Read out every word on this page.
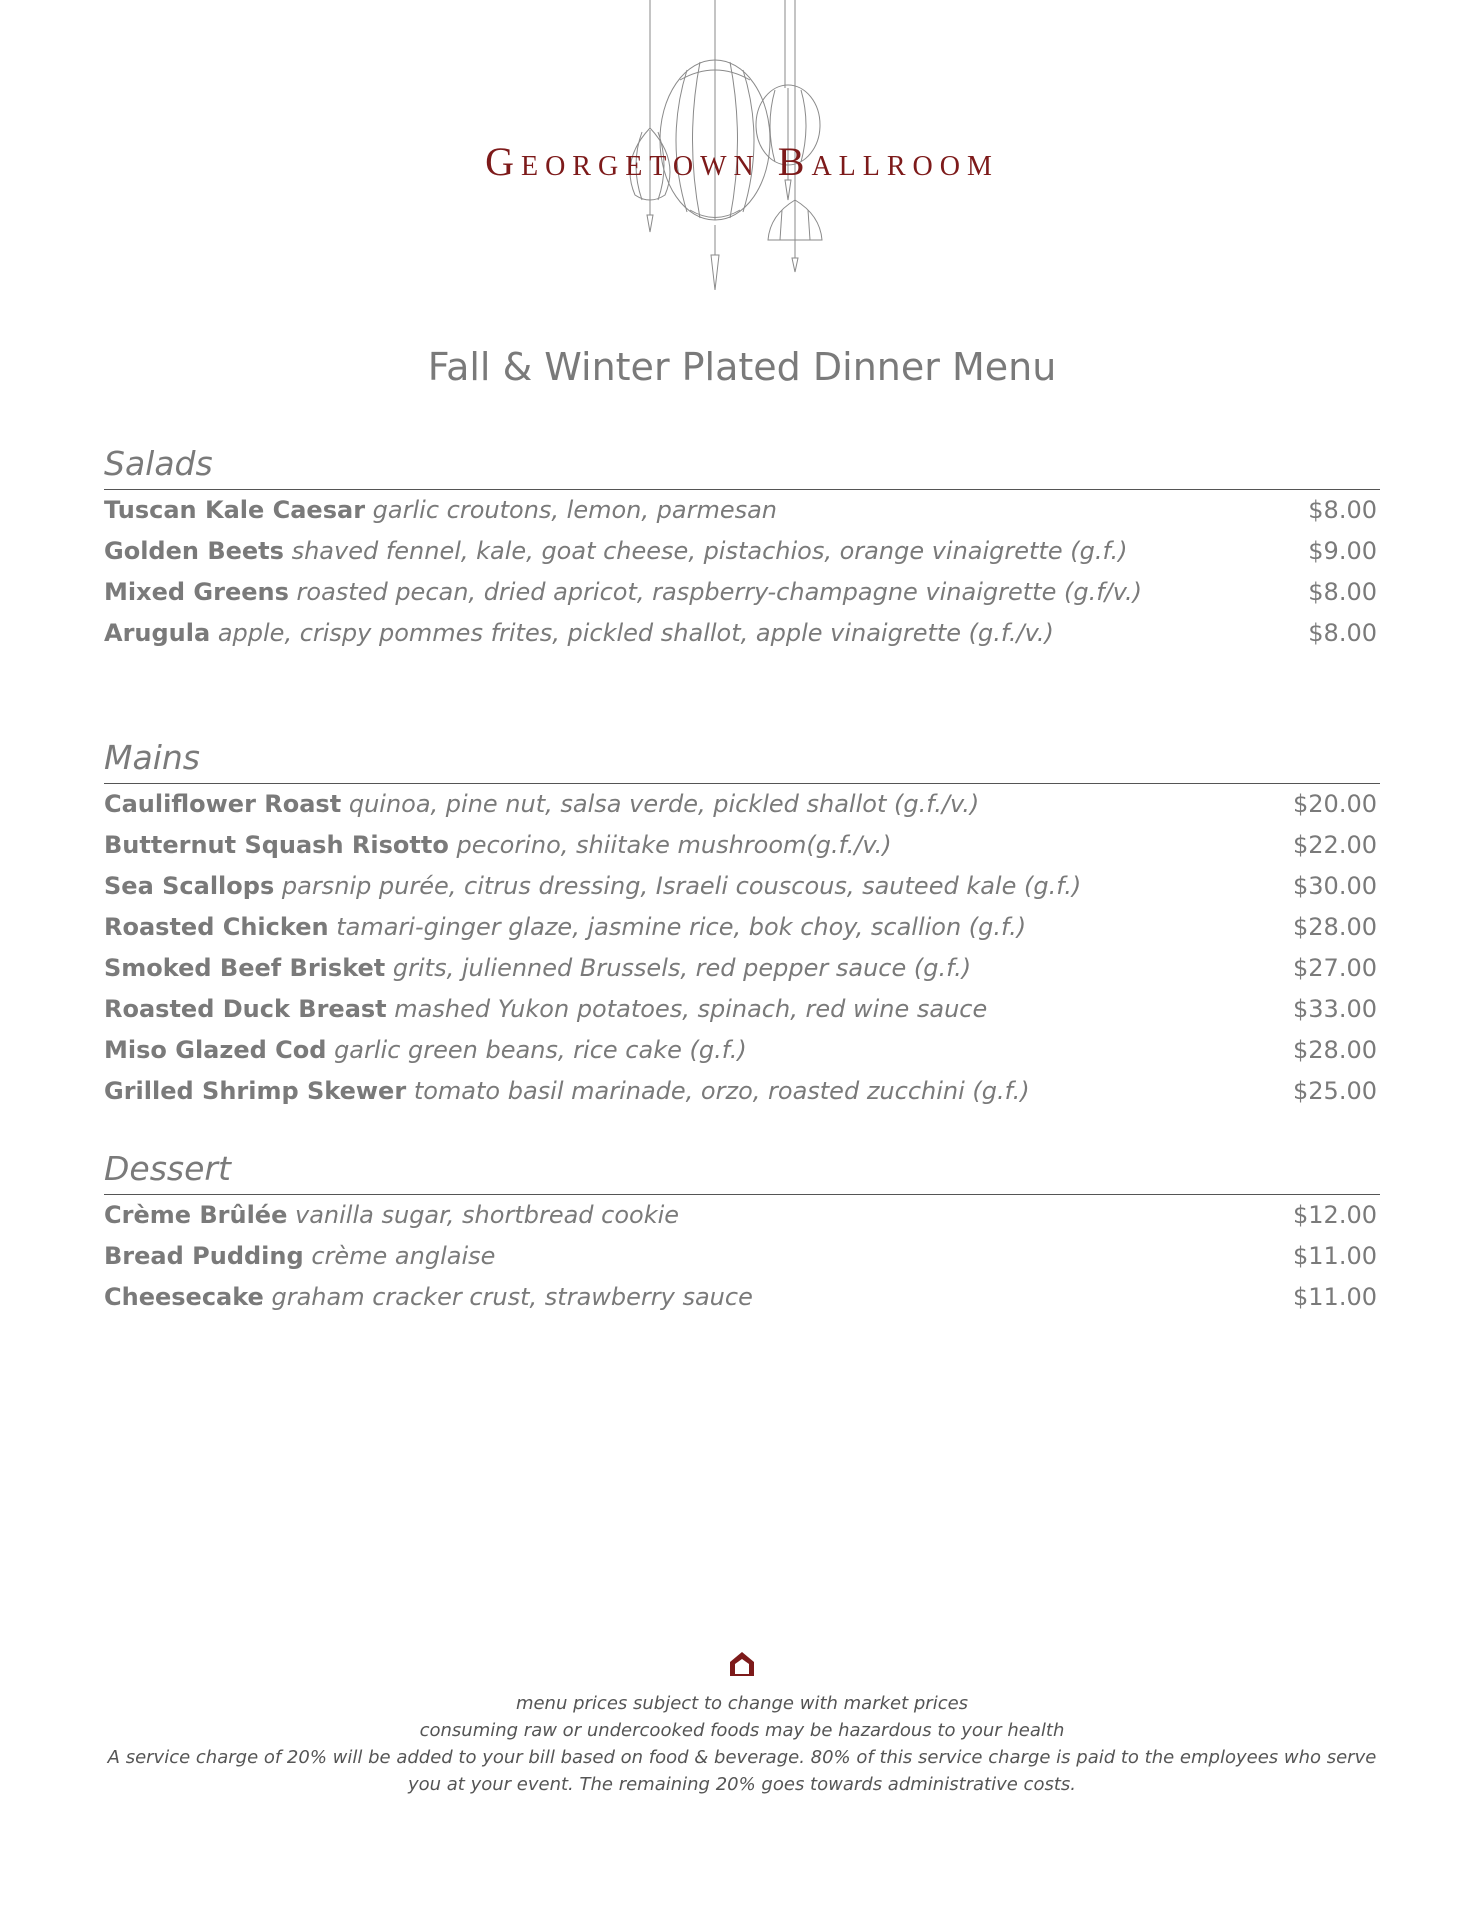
Georgetown Ballroom
Fall & Winter Plated Dinner Menu
Salads
Tuscan Kale Caesar garlic croutons, lemon, parmesan	$8.00
Golden Beets shaved fennel, kale, goat cheese, pistachios, orange vinaigrette (g.f.)	$9.00
Mixed Greens roasted pecan, dried apricot, raspberry-champagne vinaigrette (g.f/v.)	$8.00
Arugula apple, crispy pommes frites, pickled shallot, apple vinaigrette (g.f./v.)	$8.00
Mains
Cauliflower Roast quinoa, pine nut, salsa verde, pickled shallot (g.f./v.)	$20.00
Butternut Squash Risotto pecorino, shiitake mushroom(g.f./v.)	$22.00
Sea Scallops parsnip purée, citrus dressing, Israeli couscous, sauteed kale (g.f.)	$30.00
Roasted Chicken tamari-ginger glaze, jasmine rice, bok choy, scallion (g.f.)	$28.00
Smoked Beef Brisket grits, julienned Brussels, red pepper sauce (g.f.)	$27.00
Roasted Duck Breast mashed Yukon potatoes, spinach, red wine sauce	$33.00
Miso Glazed Cod garlic green beans, rice cake (g.f.)	$28.00
Grilled Shrimp Skewer tomato basil marinade, orzo, roasted zucchini (g.f.)	$25.00
Dessert
Crème Brûlée vanilla sugar, shortbread cookie	$12.00
Bread Pudding crème anglaise	$11.00
Cheesecake graham cracker crust, strawberry sauce	$11.00
menu prices subject to change with market prices
consuming raw or undercooked foods may be hazardous to your health
A service charge of 20% will be added to your bill based on food & beverage. 80% of this service charge is paid to the employees who serve you at your event. The remaining 20% goes towards administrative costs.
